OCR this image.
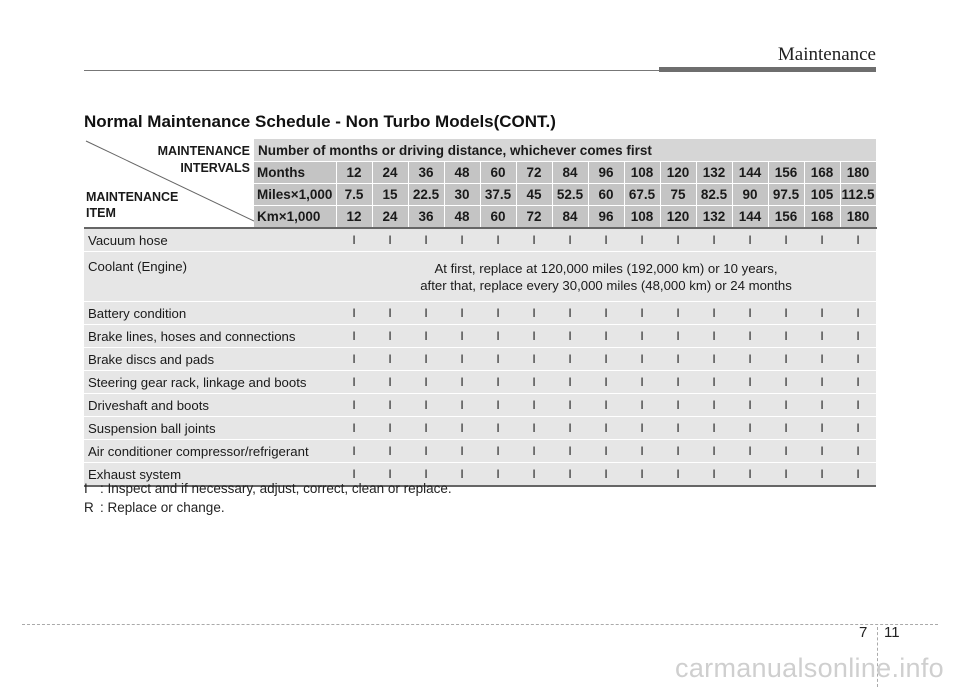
Maintenance
Normal Maintenance Schedule - Non Turbo Models(CONT.)
MAINTENANCE
INTERVALS
MAINTENANCE
ITEM	Number of months or driving distance, whichever comes first															
	Months	12	24	36	48	60	72	84	96	108	120	132	144	156	168	180
	Miles×1,000	7.5	15	22.5	30	37.5	45	52.5	60	67.5	75	82.5	90	97.5	105	112.5
	Km×1,000	12	24	36	48	60	72	84	96	108	120	132	144	156	168	180
Vacuum hose		I	I	I	I	I	I	I	I	I	I	I	I	I	I	I
Coolant (Engine)		At first, replace at 120,000 miles (192,000 km) or 10 years,
after that, replace every 30,000 miles (48,000 km) or 24 months														

Battery condition		I	I	I	I	I	I	I	I	I	I	I	I	I	I	I
Brake lines, hoses and connections		I	I	I	I	I	I	I	I	I	I	I	I	I	I	I
Brake discs and pads		I	I	I	I	I	I	I	I	I	I	I	I	I	I	I
Steering gear rack, linkage and boots		I	I	I	I	I	I	I	I	I	I	I	I	I	I	I
Driveshaft and boots		I	I	I	I	I	I	I	I	I	I	I	I	I	I	I
Suspension ball joints		I	I	I	I	I	I	I	I	I	I	I	I	I	I	I
Air conditioner compressor/refrigerant		I	I	I	I	I	I	I	I	I	I	I	I	I	I	I
Exhaust system		I	I	I	I	I	I	I	I	I	I	I	I	I	I	I
I : Inspect and if necessary, adjust, correct, clean or replace.
R : Replace or change.
7 11
carmanualsonline.info
